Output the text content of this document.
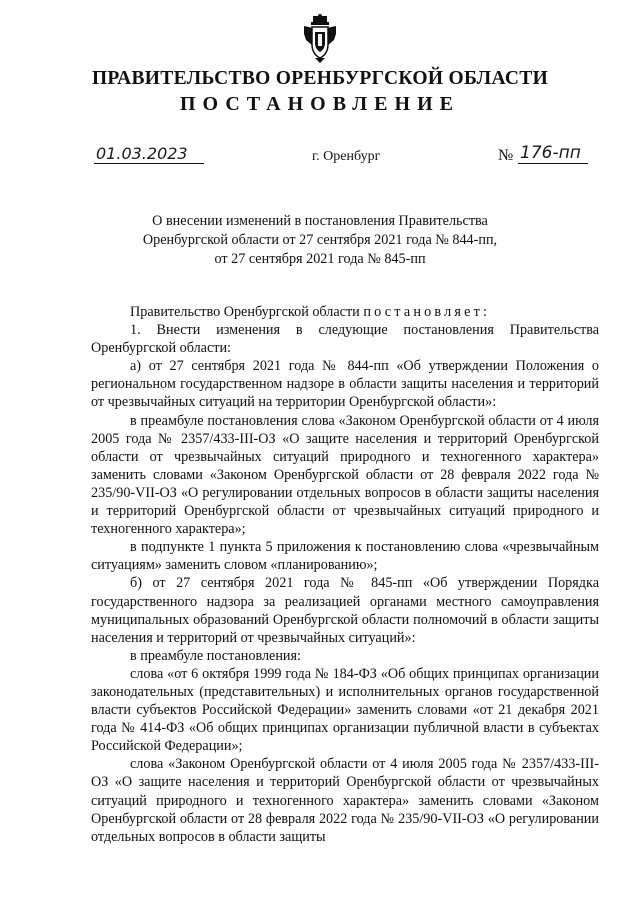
ПРАВИТЕЛЬСТВО ОРЕНБУРГСКОЙ ОБЛАСТИ
ПОСТАНОВЛЕНИЕ
01.03.2023	г. Оренбург	№ 176-пп
О внесении изменений в постановления Правительства
Оренбургской области от 27 сентября 2021 года № 844-пп,
от 27 сентября 2021 года № 845-пп
Правительство Оренбургской области постановляет:
1. Внести изменения в следующие постановления Правительства Оренбургской области:
а) от 27 сентября 2021 года № 844-пп «Об утверждении Положения о региональном государственном надзоре в области защиты населения и территорий от чрезвычайных ситуаций на территории Оренбургской области»:
в преамбуле постановления слова «Законом Оренбургской области от 4 июля 2005 года № 2357/433-III-ОЗ «О защите населения и территорий Оренбургской области от чрезвычайных ситуаций природного и техногенного характера» заменить словами «Законом Оренбургской области от 28 февраля 2022 года № 235/90-VII-ОЗ «О регулировании отдельных вопросов в области защиты населения и территорий Оренбургской области от чрезвычайных ситуаций природного и техногенного характера»;
в подпункте 1 пункта 5 приложения к постановлению слова «чрезвычайным ситуациям» заменить словом «планированию»;
б) от 27 сентября 2021 года № 845-пп «Об утверждении Порядка государственного надзора за реализацией органами местного самоуправления муниципальных образований Оренбургской области полномочий в области защиты населения и территорий от чрезвычайных ситуаций»:
в преамбуле постановления:
слова «от 6 октября 1999 года № 184-ФЗ «Об общих принципах организации законодательных (представительных) и исполнительных органов государственной власти субъектов Российской Федерации» заменить словами «от 21 декабря 2021 года № 414-ФЗ «Об общих принципах организации публичной власти в субъектах Российской Федерации»;
слова «Законом Оренбургской области от 4 июля 2005 года № 2357/433-III-ОЗ «О защите населения и территорий Оренбургской области от чрезвычайных ситуаций природного и техногенного характера» заменить словами «Законом Оренбургской области от 28 февраля 2022 года № 235/90-VII-ОЗ «О регулировании отдельных вопросов в области защиты
